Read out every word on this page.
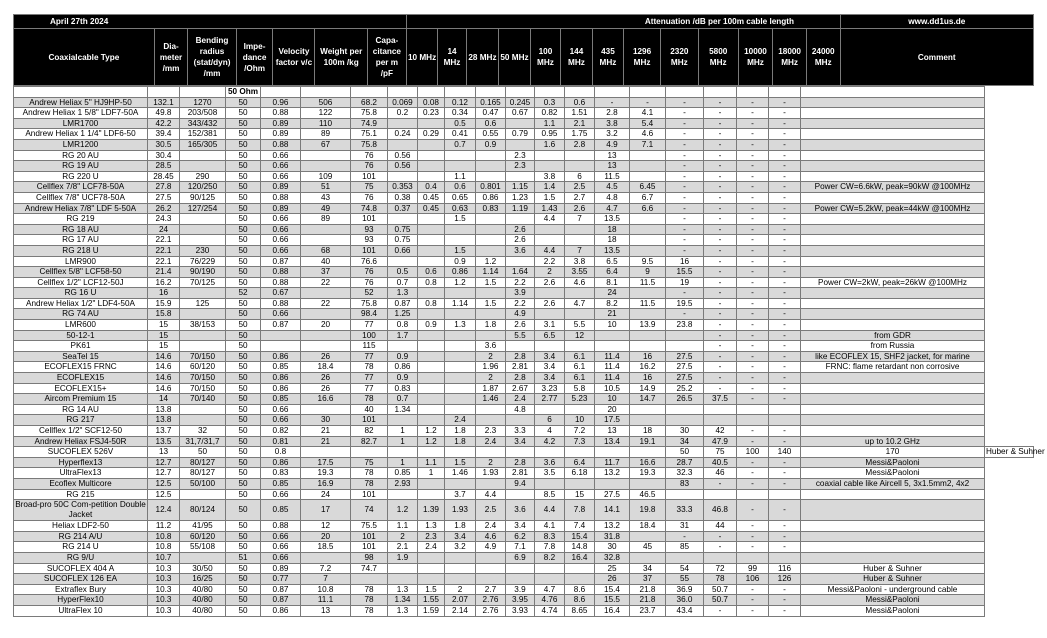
April 27th 2024							Attenuation /dB per 100m cable length													www.dd1us.de
Coaxialcable Type	Dia-meter /mm	Bending radius (stat/dyn) /mm	Impe-dance /Ohm	Velocity factor v/c	Weight per 100m /kg	Capa-citance per m /pF	10 MHz	14 MHz	28 MHz	50 MHz	100 MHz	144 MHz	435 MHz	1296 MHz	2320 MHz	5800 MHz	10000 MHz	18000 MHz	24000 MHz	Comment
			50 Ohm																		
Andrew Heliax 5" HJ9HP-50	132.1	1270	50	0.96	506	68.2	0.069	0.08	0.12	0.165	0.245	0.3	0.6	-	-	-	-	-	-		
Andrew Heliax 1 5/8" LDF7-50A	49.8	203/508	50	0.88	122	75.8	0.2	0.23	0.34	0.47	0.67	0.82	1.51	2.8	4.1	-	-	-	-		
LMR1700	42.2	343/432	50	0.89	110	74.9			0.5	0.6		1.1	2.1	3.8	5.4	-	-	-	-		
Andrew Heliax 1 1/4" LDF6-50	39.4	152/381	50	0.89	89	75.1	0.24	0.29	0.41	0.55	0.79	0.95	1.75	3.2	4.6	-	-	-	-		
LMR1200	30.5	165/305	50	0.88	67	75.8			0.7	0.9		1.6	2.8	4.9	7.1	-	-	-	-		
RG 20 AU	30.4		50	0.66		76	0.56				2.3			13		-	-	-	-		
RG 19 AU	28.5		50	0.66		76	0.56				2.3			13		-	-	-	-		
RG 220 U	28.45	290	50	0.66	109	101			1.1			3.8	6	11.5		-	-	-	-		
Cellflex 7/8" LCF78-50A	27.8	120/250	50	0.89	51	75	0.353	0.4	0.6	0.801	1.15	1.4	2.5	4.5	6.45	-	-	-	-	Power CW=6.6kW, peak=90kW @100MHz	
Cellflex 7/8" UCF78-50A	27.5	90/125	50	0.88	43	76	0.38	0.45	0.65	0.86	1.23	1.5	2.7	4.8	6.7	-	-	-	-		
Andrew Heliax 7/8" LDF 5-50A	26.2	127/254	50	0.89	49	74.8	0.37	0.45	0.63	0.83	1.19	1.43	2.6	4.7	6.6	-	-	-	-	Power CW=5.2kW, peak=44kW @100MHz	
RG 219	24.3		50	0.66	89	101			1.5			4.4	7	13.5		-	-	-	-		
RG 18 AU	24		50	0.66		93	0.75				2.6			18		-	-	-	-		
RG 17 AU	22.1		50	0.66		93	0.75				2.6			18		-	-	-	-		
RG 218 U	22.1	230	50	0.66	68	101	0.66		1.5		3.6	4.4	7	13.5		-	-	-	-		
LMR900	22.1	76/229	50	0.87	40	76.6			0.9	1.2		2.2	3.8	6.5	9.5	16	-	-	-		
Cellflex 5/8" LCF58-50	21.4	90/190	50	0.88	37	76	0.5	0.6	0.86	1.14	1.64	2	3.55	6.4	9	15.5	-	-	-		
Cellflex 1/2" LCF12-50J	16.2	70/125	50	0.88	22	76	0.7	0.8	1.2	1.5	2.2	2.6	4.6	8.1	11.5	19	-	-	-	Power CW=2kW, peak=26kW @100MHz	
RG 16 U	16		52	0.67		52	1.3				3.9			24		-	-	-	-		
Andrew Heliax 1/2" LDF4-50A	15.9	125	50	0.88	22	75.8	0.87	0.8	1.14	1.5	2.2	2.6	4.7	8.2	11.5	19.5	-	-	-		
RG 74 AU	15.8		50	0.66		98.4	1.25				4.9			21		-	-	-	-		
LMR600	15	38/153	50	0.87	20	77	0.8	0.9	1.3	1.8	2.6	3.1	5.5	10	13.9	23.8	-	-	-		
50-12-1	15		50			100	1.7				5.5	6.5	12				-	-	-	from GDR	
PK61	15		50			115				3.6							-	-	-	from Russia	
SeaTel 15	14.6	70/150	50	0.86	26	77	0.9			2	2.8	3.4	6.1	11.4	16	27.5	-	-	-	like ECOFLEX 15, SHF2 jacket, for marine	
ECOFLEX15 FRNC	14.6	60/120	50	0.85	18.4	78	0.86			1.96	2.81	3.4	6.1	11.4	16.2	27.5	-	-	-	FRNC: flame retardant non corrosive	
ECOFLEX15	14.6	70/150	50	0.86	26	77	0.9			2	2.8	3.4	6.1	11.4	16	27.5	-	-	-		
ECOFLEX15+	14.6	70/150	50	0.86	26	77	0.83			1.87	2.67	3.23	5.8	10.5	14.9	25.2	-	-	-		
Aircom Premium 15	14	70/140	50	0.85	16.6	78	0.7			1.46	2.4	2.77	5.23	10	14.7	26.5	37.5	-	-		
RG 14 AU	13.8		50	0.66		40	1.34				4.8			20							
RG 217	13.8		50	0.66	30	101			2.4			6	10	17.5							
Cellflex 1/2" SCF12-50	13.7	32	50	0.82	21	82	1	1.2	1.8	2.3	3.3	4	7.2	13	18	30	42	-	-		
Andrew Heliax FSJ4-50R	13.5	31,7/31,7	50	0.81	21	82.7	1	1.2	1.8	2.4	3.4	4.2	7.3	13.4	19.1	34	47.9	-	-	up to 10.2 GHz	
SUCOFLEX 526V	13	50	50	0.8												50	75	100	140	170	Huber & Suhner
Hyperflex13	12.7	80/127	50	0.86	17.5	75	1	1.1	1.5	2	2.8	3.6	6.4	11.7	16.6	28.7	40.5	-	-	Messi&Paoloni	
UltraFlex13	12.7	80/127	50	0.83	19.3	78	0.85	1	1.46	1.93	2.81	3.5	6.18	13.2	19.3	32.3	46	-	-	Messi&Paoloni	
Ecoflex Multicore	12.5	50/100	50	0.85	16.9	78	2.93				9.4					83	-	-	-	coaxial cable like Aircell 5, 3x1.5mm2, 4x2	
RG 215	12.5		50	0.66	24	101			3.7	4.4		8.5	15	27.5	46.5						
Broad-pro 50C Com-petition Double Jacket	12.4	80/124	50	0.85	17	74	1.2	1.39	1.93	2.5	3.6	4.4	7.8	14.1	19.8	33.3	46.8	-	-		
Heliax LDF2-50	11.2	41/95	50	0.88	12	75.5	1.1	1.3	1.8	2.4	3.4	4.1	7.4	13.2	18.4	31	44	-	-		
RG 214 A/U	10.8	60/120	50	0.66	20	101	2	2.3	3.4	4.6	6.2	8.3	15.4	31.8		-	-	-	-		
RG 214 U	10.8	55/108	50	0.66	18.5	101	2.1	2.4	3.2	4.9	7.1	7.8	14.8	30	45	85	-	-	-		
RG 9/U	10.7		51	0.66		98	1.9				6.9	8.2	16.4	32.8							
SUCOFLEX 404 A	10.3	30/50	50	0.89	7.2	74.7								25	34	54	72	99	116	Huber & Suhner	
SUCOFLEX 126 EA	10.3	16/25	50	0.77	7									26	37	55	78	106	126	Huber & Suhner	
Extraflex Bury	10.3	40/80	50	0.87	10.8	78	1.3	1.5	2	2.7	3.9	4.7	8.6	15.4	21.8	36.9	50.7	-	-	Messi&Paoloni - underground cable	
HyperFlex10	10.3	40/80	50	0.87	11.1	78	1.34	1.55	2.07	2.76	3.95	4.76	8.6	15.5	21.8	36.0	50.7	-	-	Messi&Paoloni	
UltraFlex 10	10.3	40/80	50	0.86	13	78	1.3	1.59	2.14	2.76	3.93	4.74	8.65	16.4	23.7	43.4	-	-	-	Messi&Paoloni	
